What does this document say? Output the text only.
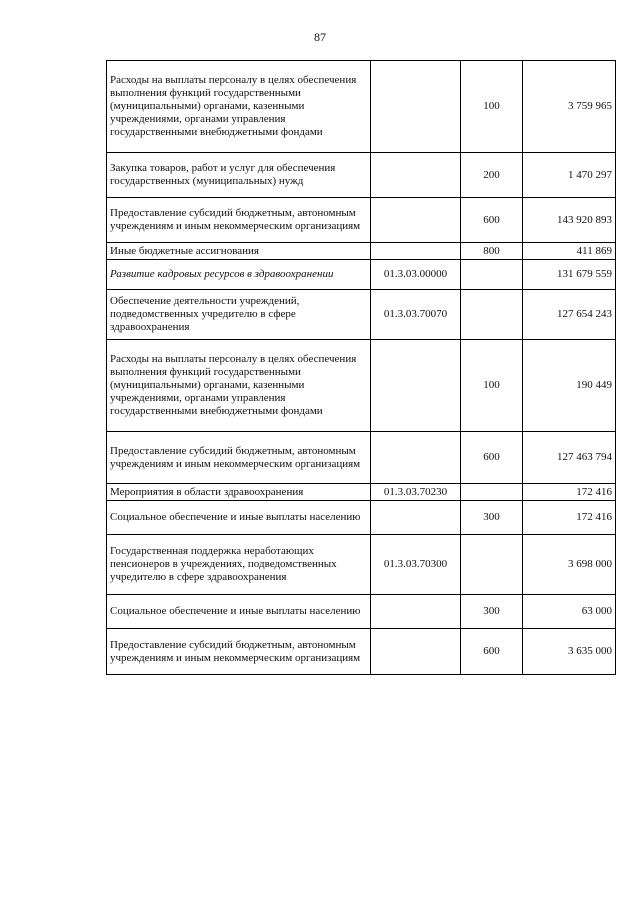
87
Расходы на выплаты персоналу в целях обеспечения выполнения функций государственными (муниципальными) органами, казенными учреждениями, органами управления государственными внебюджетными фондами		100	3 759 965
Закупка товаров, работ и услуг для обеспечения государственных (муниципальных) нужд		200	1 470 297
Предоставление субсидий бюджетным, автономным учреждениям и иным некоммерческим организациям		600	143 920 893
Иные бюджетные ассигнования		800	411 869
Развитие кадровых ресурсов в здравоохранении	01.3.03.00000		131 679 559
Обеспечение деятельности учреждений, подведомственных учредителю в сфере здравоохранения	01.3.03.70070		127 654 243
Расходы на выплаты персоналу в целях обеспечения выполнения функций государственными (муниципальными) органами, казенными учреждениями, органами управления государственными внебюджетными фондами		100	190 449
Предоставление субсидий бюджетным, автономным учреждениям и иным некоммерческим организациям		600	127 463 794
Мероприятия в области здравоохранения	01.3.03.70230		172 416
Социальное обеспечение и иные выплаты населению		300	172 416
Государственная поддержка неработающих пенсионеров в учреждениях, подведомственных учредителю в сфере здравоохранения	01.3.03.70300		3 698 000
Социальное обеспечение и иные выплаты населению		300	63 000
Предоставление субсидий бюджетным, автономным учреждениям и иным некоммерческим организациям		600	3 635 000
